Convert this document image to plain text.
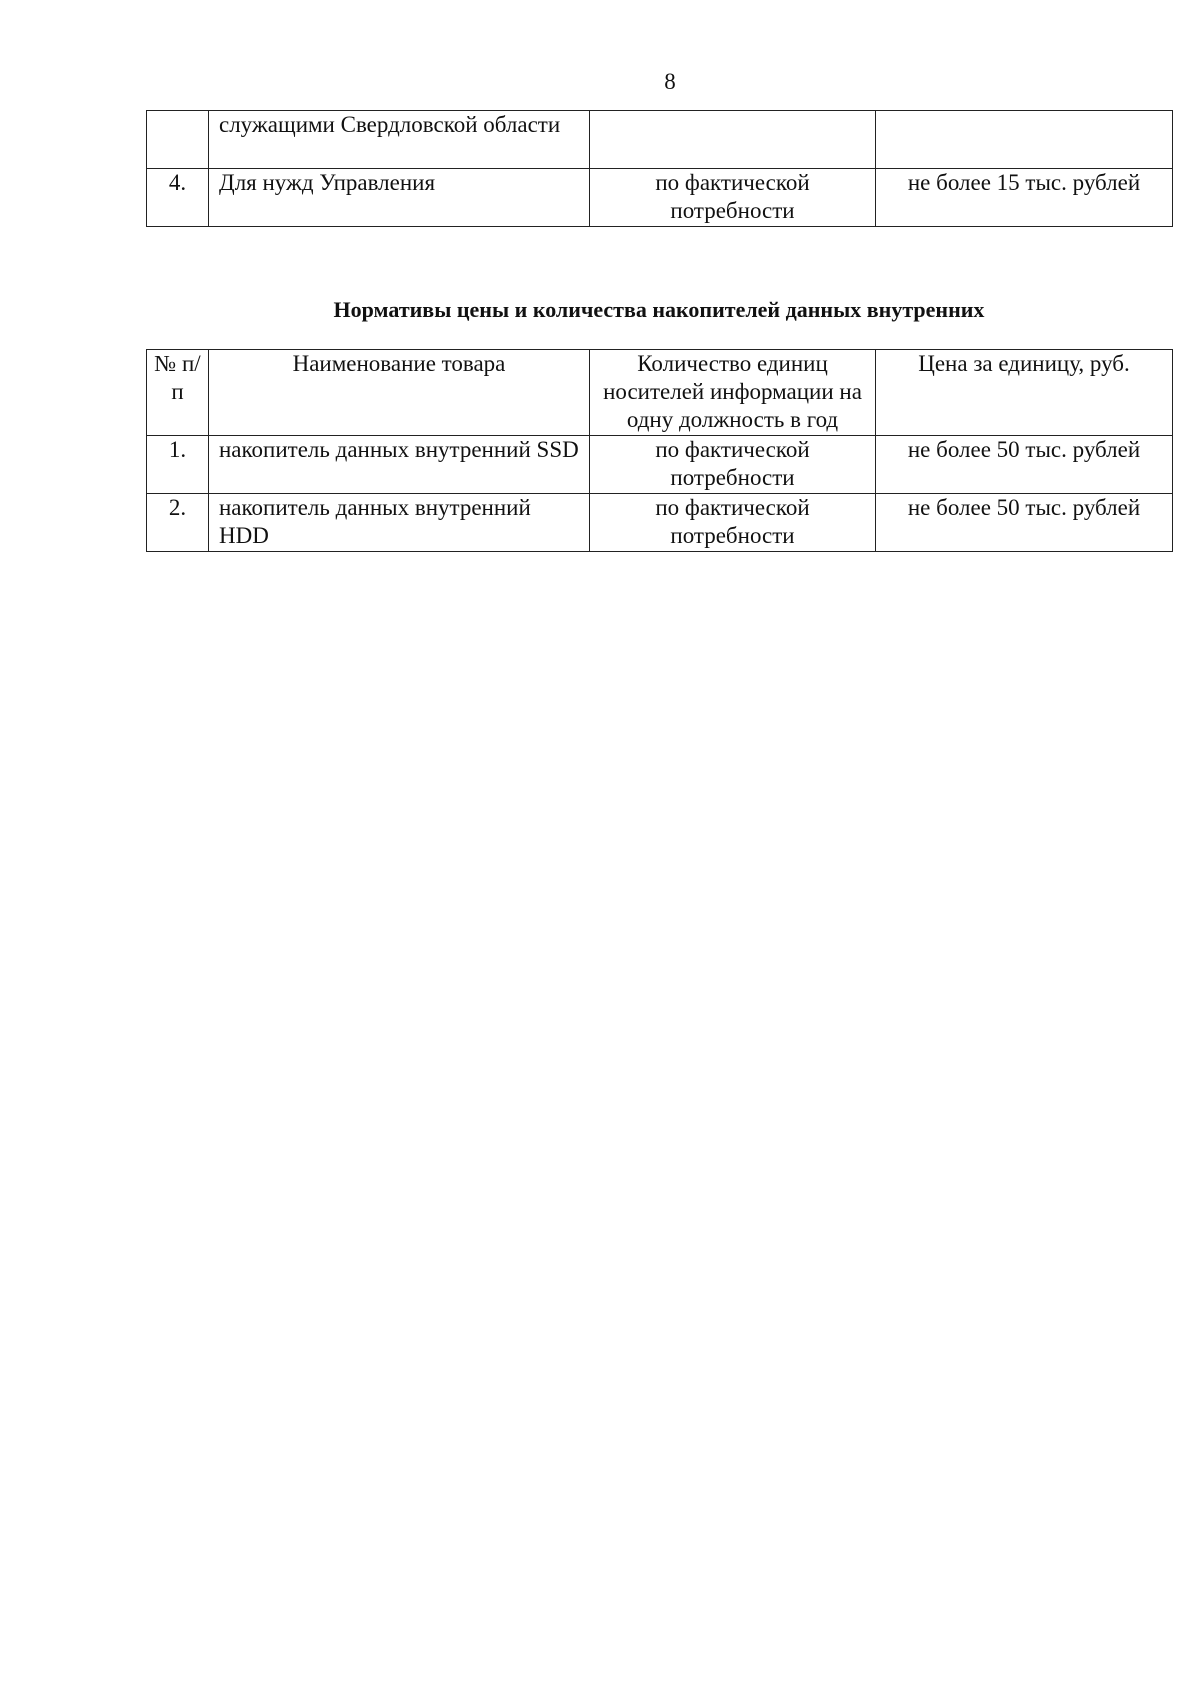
8
	служащими Свердловской области		
4.	Для нужд Управления	по фактической потребности	не более 15 тыс. рублей
Нормативы цены и количества накопителей данных внутренних
№ п/п	Наименование товара	Количество единиц носителей информации на одну должность в год	Цена за единицу, руб.
1.	накопитель данных внутренний SSD	по фактической потребности	не более 50 тыс. рублей
2.	накопитель данных внутренний HDD	по фактической потребности	не более 50 тыс. рублей
